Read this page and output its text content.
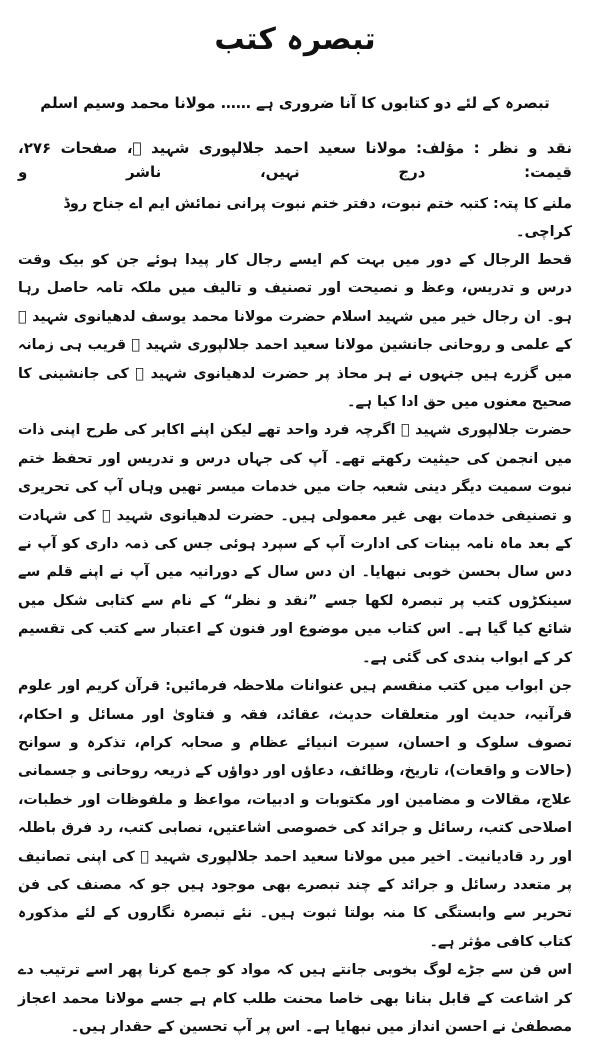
تبصرہ کتب
تبصرہ کے لئے دو کتابوں کا آنا ضروری ہے …… مولانا محمد وسیم اسلم
نقد و نظر : مؤلف: مولانا سعید احمد جلالپوری شہید ﷫، صفحات ۲۷۶، قیمت: درج نہیں، ناشر و
ملنے کا پتہ: کتبہ ختم نبوت، دفتر ختم نبوت پرانی نمائش ایم اے جناح روڈ کراچی۔

قحط الرجال کے دور میں بہت کم ایسے رجال کار پیدا ہوئے جن کو بیک وقت درس و تدریس، وعظ و نصیحت اور تصنیف و تالیف میں ملکہ تامہ حاصل رہا ہو۔ ان رجال خیر میں شہید اسلام حضرت مولانا محمد یوسف لدھیانوی شہید ﷫ کے علمی و روحانی جانشین مولانا سعید احمد جلالپوری شہید ﷫ قریب ہی زمانہ میں گزرے ہیں جنہوں نے ہر محاذ پر حضرت لدھیانوی شہید ﷫ کی جانشینی کا صحیح معنوں میں حق ادا کیا ہے۔

حضرت جلالپوری شہید ﷫ اگرچہ فرد واحد تھے لیکن اپنے اکابر کی طرح اپنی ذات میں انجمن کی حیثیت رکھتے تھے۔ آپ کی جہاں درس و تدریس اور تحفظ ختم نبوت سمیت دیگر دینی شعبہ جات میں خدمات میسر تھیں وہاں آپ کی تحریری و تصنیفی خدمات بھی غیر معمولی ہیں۔ حضرت لدھیانوی شہید ﷫ کی شہادت کے بعد ماہ نامہ بینات کی ادارت آپ کے سپرد ہوئی جس کی ذمہ داری کو آپ نے دس سال بحسن خوبی نبھایا۔ ان دس سال کے دورانیہ میں آپ نے اپنے قلم سے سینکڑوں کتب پر تبصرہ لکھا جسے ”نقد و نظر“ کے نام سے کتابی شکل میں شائع کیا گیا ہے۔ اس کتاب میں موضوع اور فنون کے اعتبار سے کتب کی تقسیم کر کے ابواب بندی کی گئی ہے۔

جن ابواب میں کتب منقسم ہیں عنوانات ملاحظہ فرمائیں: قرآن کریم اور علوم قرآنیہ، حدیث اور متعلقات حدیث، عقائد، فقہ و فتاویٰ اور مسائل و احکام، تصوف سلوک و احسان، سیرت انبیائے عظام و صحابہ کرام، تذکرہ و سوانح (حالات و واقعات)، تاریخ، وظائف، دعاؤں اور دواؤں کے ذریعہ روحانی و جسمانی علاج، مقالات و مضامین اور مکتوبات و ادبیات، مواعظ و ملفوظات اور خطبات، اصلاحی کتب، رسائل و جرائد کی خصوصی اشاعتیں، نصابی کتب، رد فرق باطلہ اور رد قادیانیت۔ اخیر میں مولانا سعید احمد جلالپوری شہید ﷫ کی اپنی تصانیف پر متعدد رسائل و جرائد کے چند تبصرے بھی موجود ہیں جو کہ مصنف کی فن تحریر سے وابستگی کا منہ بولتا ثبوت ہیں۔ نئے تبصرہ نگاروں کے لئے مذکورہ کتاب کافی مؤثر ہے۔

اس فن سے جڑے لوگ بخوبی جانتے ہیں کہ مواد کو جمع کرنا پھر اسے ترتیب دے کر اشاعت کے قابل بنانا بھی خاصا محنت طلب کام ہے جسے مولانا محمد اعجاز مصطفیٰ نے احسن انداز میں نبھایا ہے۔ اس پر آپ تحسین کے حقدار ہیں۔
